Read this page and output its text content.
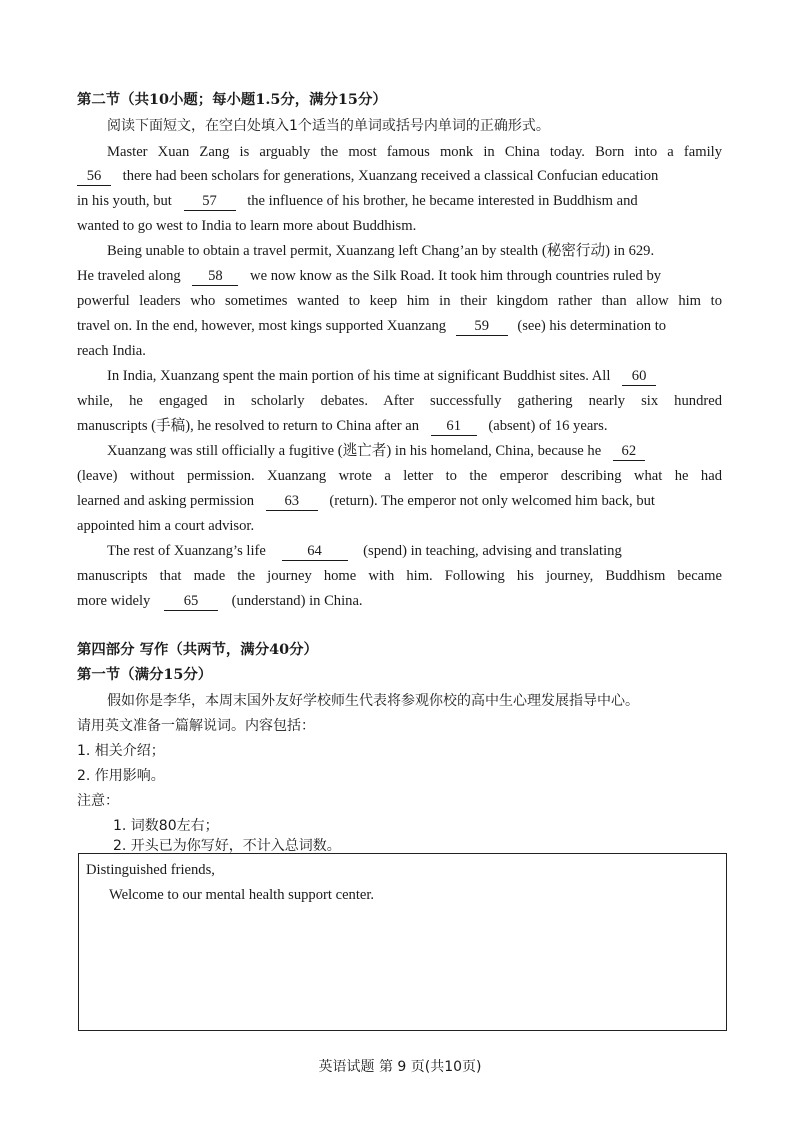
第二节（共10小题；每小题1.5分，满分15分）
阅读下面短文，在空白处填入1个适当的单词或括号内单词的正确形式。
Master Xuan Zang is arguably the most famous monk in China today. Born into a family
56 there had been scholars for generations, Xuanzang received a classical Confucian education
in his youth, but 57 the influence of his brother, he became interested in Buddhism and
wanted to go west to India to learn more about Buddhism.
Being unable to obtain a travel permit, Xuanzang left Chang’an by stealth (秘密行动) in 629.
He traveled along 58 we now know as the Silk Road. It took him through countries ruled by
powerful leaders who sometimes wanted to keep him in their kingdom rather than allow him to
travel on. In the end, however, most kings supported Xuanzang 59 (see) his determination to
reach India.
In India, Xuanzang spent the main portion of his time at significant Buddhist sites. All 60
while, he engaged in scholarly debates. After successfully gathering nearly six hundred
manuscripts (手稿), he resolved to return to China after an 61 (absent) of 16 years.
Xuanzang was still officially a fugitive (逃亡者) in his homeland, China, because he 62
(leave) without permission. Xuanzang wrote a letter to the emperor describing what he had
learned and asking permission 63 (return). The emperor not only welcomed him back, but
appointed him a court advisor.
The rest of Xuanzang’s life	64	(spend) in teaching, advising and translating
manuscripts that made the journey home with him. Following his journey, Buddhism became
more widely 65 (understand) in China.
第四部分 写作（共两节，满分40分）
第一节（满分15分）
假如你是李华，本周末国外友好学校师生代表将参观你校的高中生心理发展指导中心。
请用英文准备一篇解说词。内容包括：
1. 相关介绍；
2. 作用影响。
注意：
1. 词数80左右；
2. 开头已为你写好，不计入总词数。
Distinguished friends,
Welcome to our mental health support center.
英语试题 第 9 页(共10页)
